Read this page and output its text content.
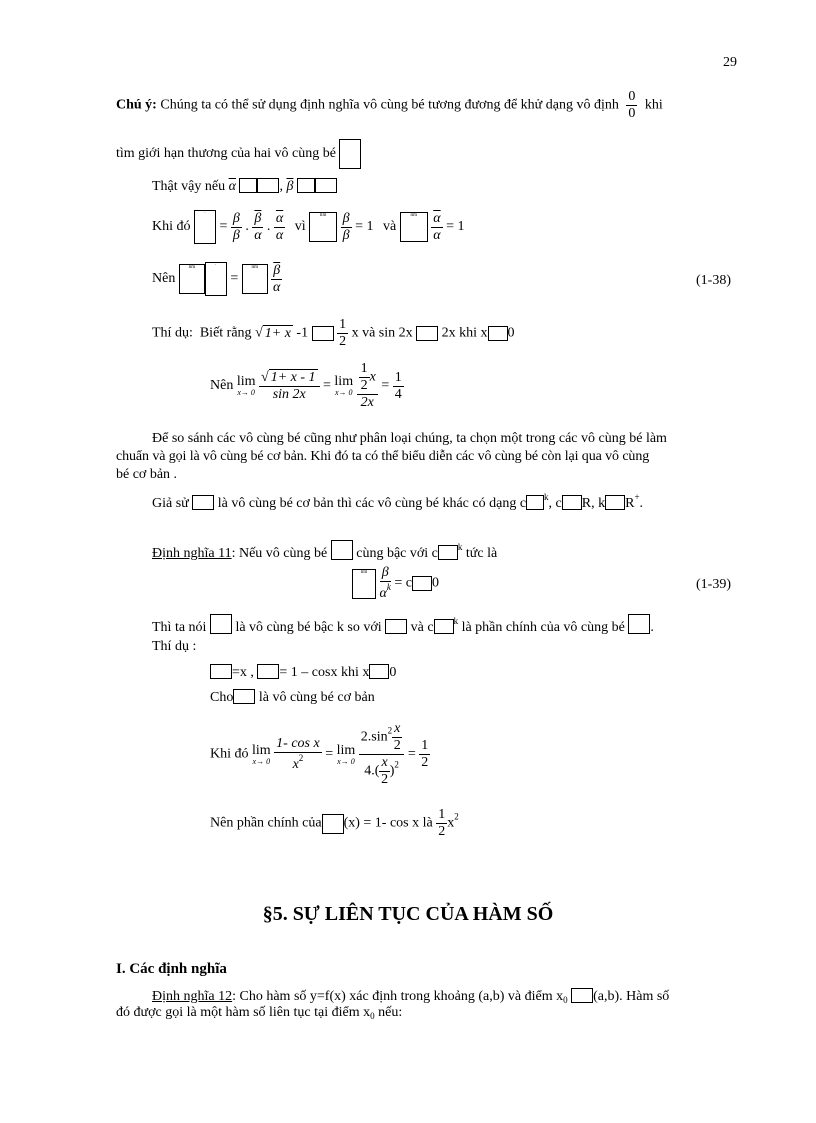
29
Chú ý: Chúng ta có thể sử dụng định nghĩa vô cùng bé tương đương để khử dạng vô định $\frac{0}{0}$ khi
tìm giới hạn thương của hai vô cùng bé
Thật vậy nếu $\overline{\alpha}$	, $\overline{\beta}$
Khi đó · = $\frac{\beta}{\beta}$ . $\frac{\overline{\beta}}{\alpha}$ . $\frac{\overline{\alpha}}{\alpha}$ vì $\lim \frac{\beta}{\beta} = 1$ và $\lim \frac{\overline{\alpha}}{\alpha} = 1$
Nên lim	· = $\lim \frac{\overline{\beta}}{\alpha}$	(1-38)
Thí dụ: Biết rằng √ 1+ x $-1 \frac{1}{2}$ x và sin 2x 2x khi x 0
Nên lim
x→ 0
$\frac{√ 1+ x - 1}{\sin 2x} = \lim$
x→ 0
$\frac{\frac{1}{2} x}{2x} = \frac{1}{4}$
Để so sánh các vô cùng bé cũng như phân loại chúng, ta chọn một trong các vô cùng bé làm
chuẩn và gọi là vô cùng bé cơ bản. Khi đó ta có thể biểu diễn các vô cùng bé còn lại qua vô cùng
bé cơ bản .
Giả sử là vô cùng bé cơ bản thì các vô cùng bé khác có dạng c $^k$, c R, k R+.
Định nghĩa 11: Nếu vô cùng bé cùng bậc với c $^k$ tức là
$\lim \frac{\beta}{\alpha^k} = c$ 0	(1-39)
Thì ta nói là vô cùng bé bậc k so với và c $^k$ là phần chính của vô cùng bé .
Thí dụ :
=x , = 1 – cosx khi x 0
Cho là vô cùng bé cơ bản
Khi đó lim
x→ 0
$\frac{\text{1- cos x}}{x^2} = \lim$
x→ 0
$\frac{2.\sin^2 \frac{x}{2}}{4.( \frac{x}{2} )^2} = \frac{1}{2}$
Nên phần chính của (x) = 1- cos x là $\frac{1}{2} x^2$
§5. SỰ LIÊN TỤC CỦA HÀM SỐ
I. Các định nghĩa
Định nghĩa 12: Cho hàm số y=f(x) xác định trong khoảng (a,b) và điểm $x_0$ (a,b). Hàm số
đó được gọi là một hàm số liên tục tại điểm $x_0$ nếu:
